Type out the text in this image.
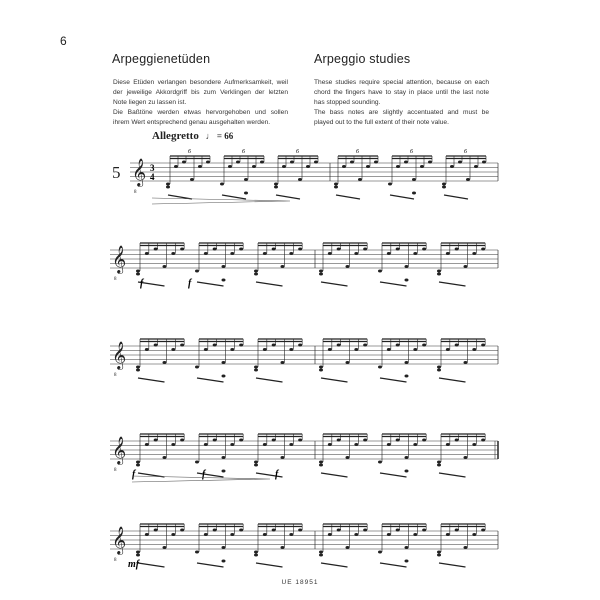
6
Arpeggienetüden	Arpeggio studies

Diese Etüden verlangen besondere Aufmerksamkeit, weil der jeweilige Akkordgriff bis zum Verklingen der letzten Note liegen zu lassen ist.

Die Baßtöne werden etwas hervorgehoben und sollen ihrem Wert entsprechend genau ausgehalten werden.

These studies require special attention, because on each chord the fingers have to stay in place until the last note has stopped sounding.

The bass notes are slightly accentuated and must be played out to the full extent of their note value.

Allegretto ♩ = 66
5 𝄞
8
3
4
6	6	6	6	6	6
𝄞
8 f	f
𝄞
8
𝄞
8 f	f	f
𝄞
8 mf
UE 18951
